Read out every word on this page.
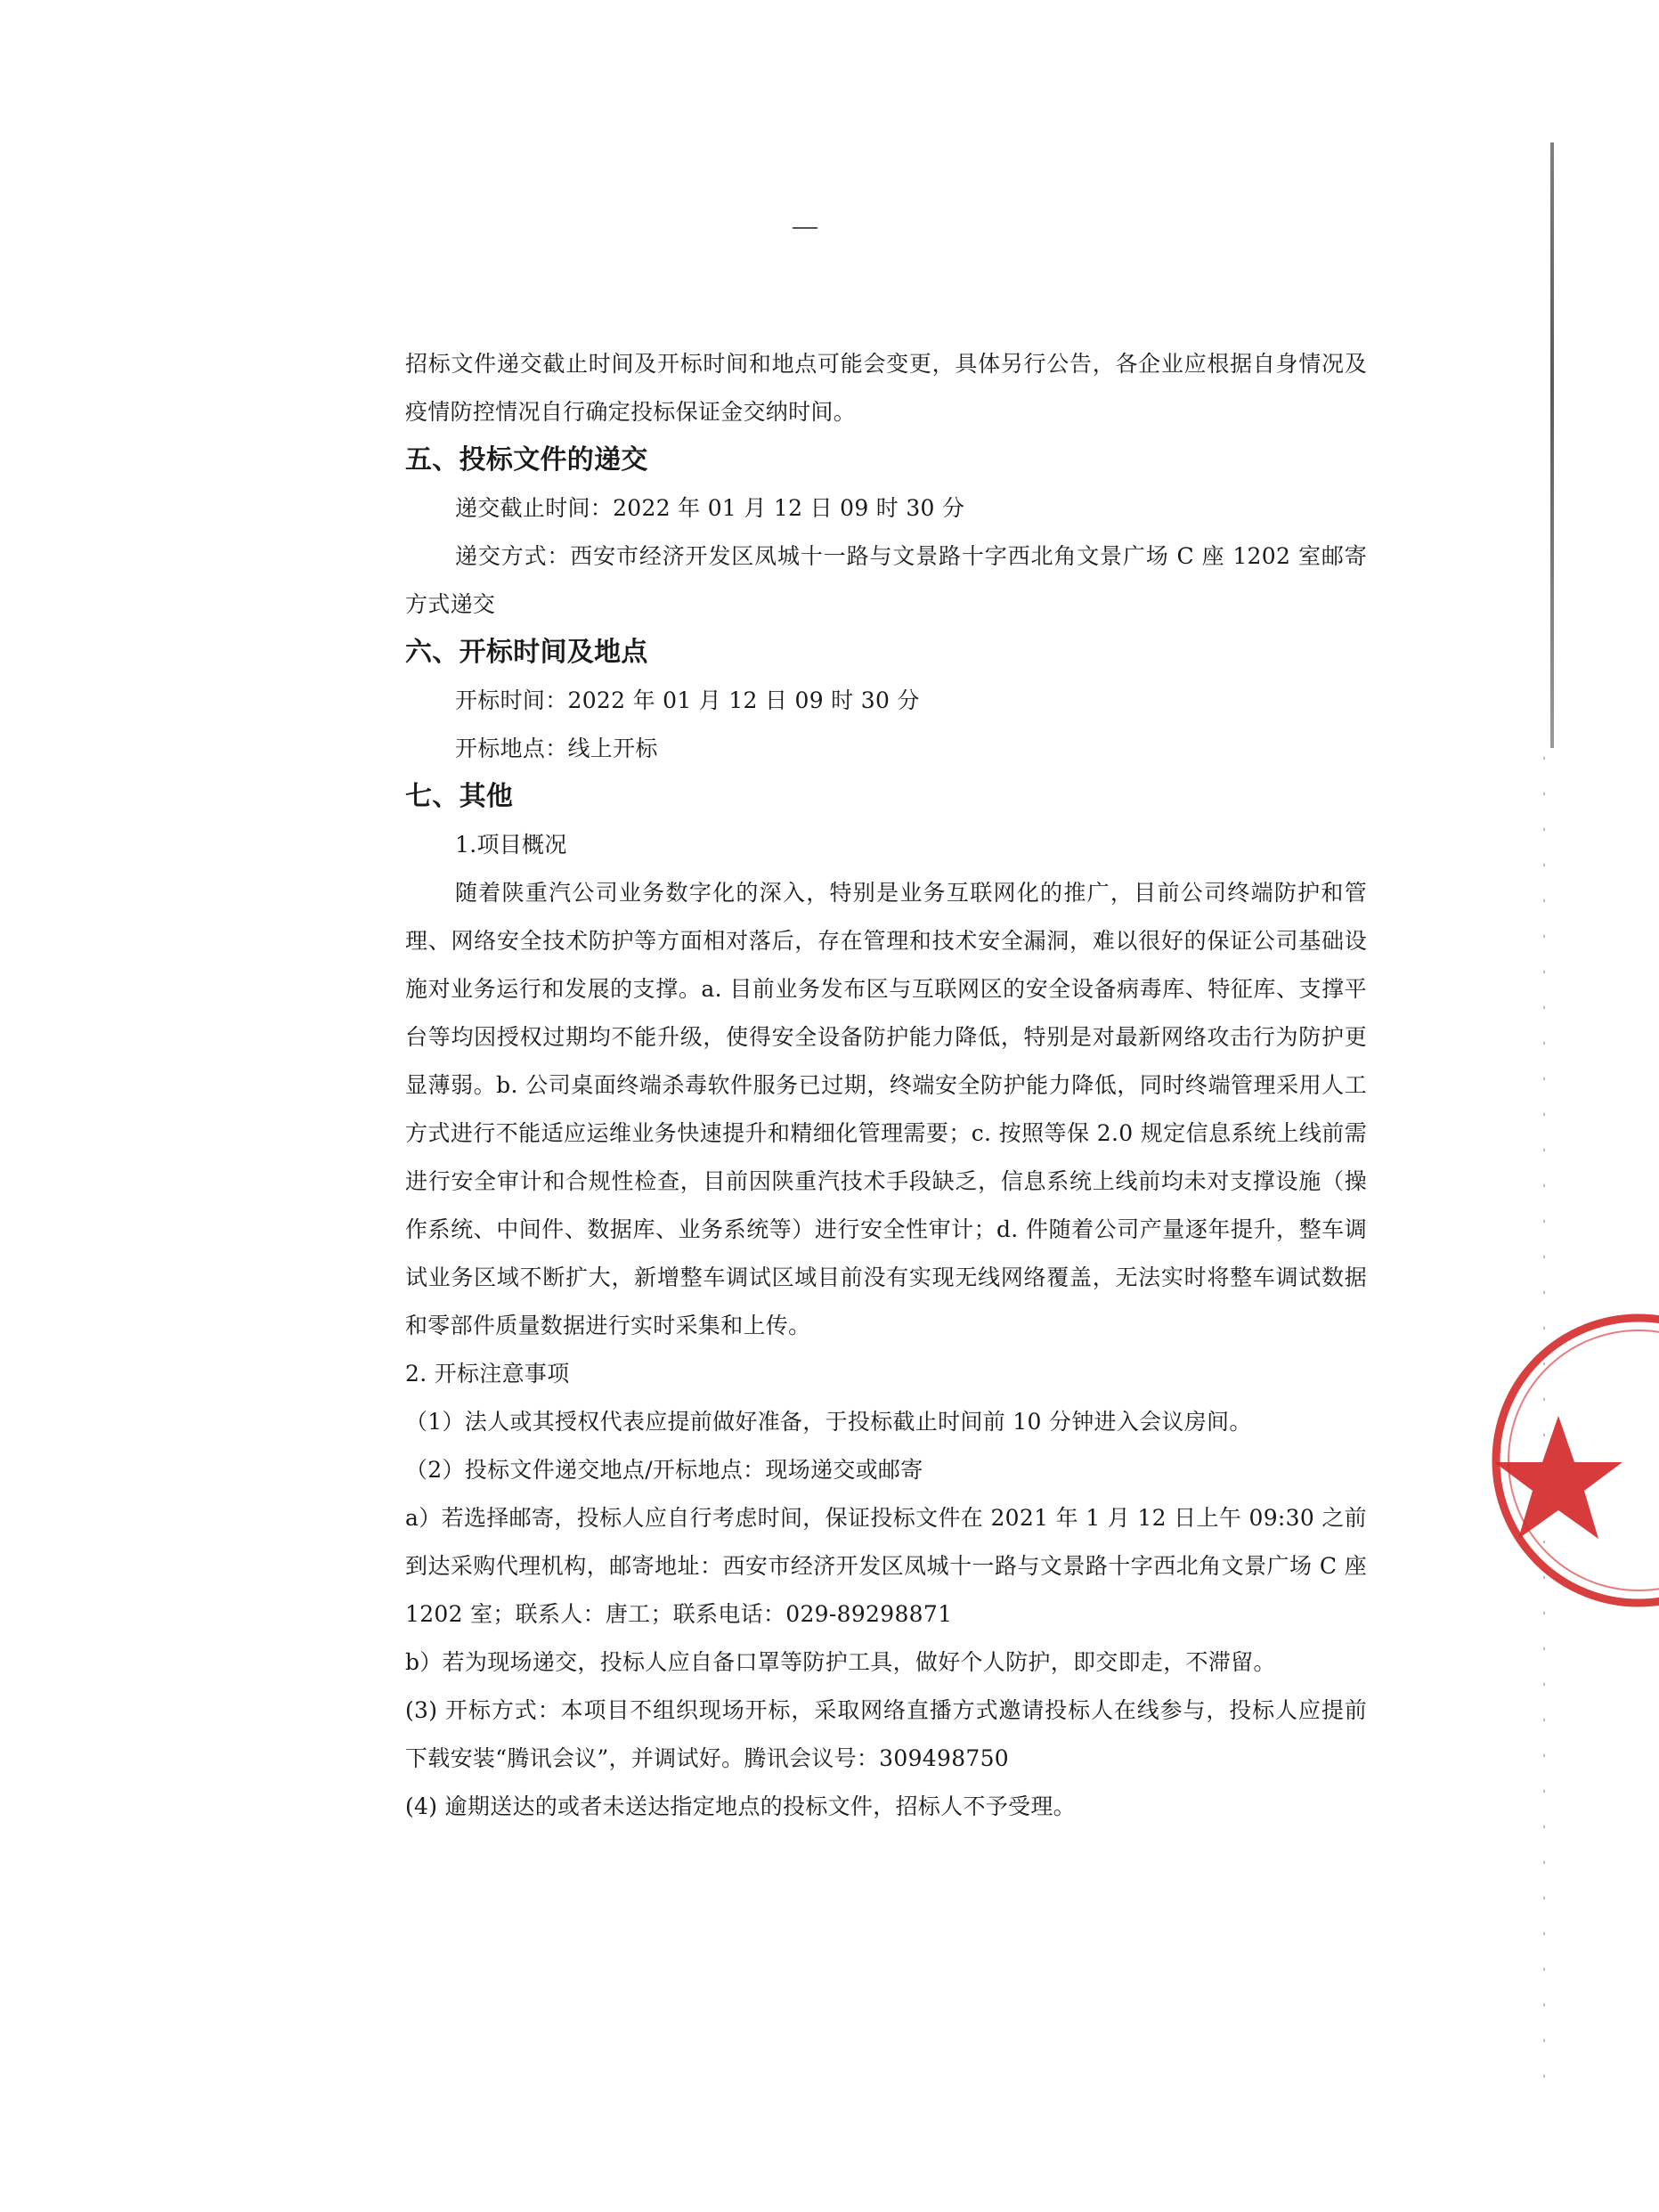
招标文件递交截止时间及开标时间和地点可能会变更，具体另行公告，各企业应根据自身情况及疫情防控情况自行确定投标保证金交纳时间。

五、投标文件的递交

递交截止时间：2022 年 01 月 12 日 09 时 30 分

递交方式：西安市经济开发区凤城十一路与文景路十字西北角文景广场 C 座 1202 室邮寄方式递交

六、开标时间及地点

开标时间：2022 年 01 月 12 日 09 时 30 分

开标地点：线上开标

七、其他

1.项目概况

随着陕重汽公司业务数字化的深入，特别是业务互联网化的推广，目前公司终端防护和管理、网络安全技术防护等方面相对落后，存在管理和技术安全漏洞，难以很好的保证公司基础设施对业务运行和发展的支撑。a. 目前业务发布区与互联网区的安全设备病毒库、特征库、支撑平台等均因授权过期均不能升级，使得安全设备防护能力降低，特别是对最新网络攻击行为防护更显薄弱。b. 公司桌面终端杀毒软件服务已过期，终端安全防护能力降低，同时终端管理采用人工方式进行不能适应运维业务快速提升和精细化管理需要；c. 按照等保 2.0 规定信息系统上线前需进行安全审计和合规性检查，目前因陕重汽技术手段缺乏，信息系统上线前均未对支撑设施（操作系统、中间件、数据库、业务系统等）进行安全性审计；d. 件随着公司产量逐年提升，整车调试业务区域不断扩大，新增整车调试区域目前没有实现无线网络覆盖，无法实时将整车调试数据和零部件质量数据进行实时采集和上传。

2. 开标注意事项

（1）法人或其授权代表应提前做好准备，于投标截止时间前 10 分钟进入会议房间。

（2）投标文件递交地点/开标地点：现场递交或邮寄

a）若选择邮寄，投标人应自行考虑时间，保证投标文件在 2021 年 1 月 12 日上午 09:30 之前到达采购代理机构，邮寄地址：西安市经济开发区凤城十一路与文景路十字西北角文景广场 C 座 1202 室；联系人：唐工；联系电话：029-89298871

b）若为现场递交，投标人应自备口罩等防护工具，做好个人防护，即交即走，不滞留。

(3) 开标方式：本项目不组织现场开标，采取网络直播方式邀请投标人在线参与，投标人应提前下载安装“腾讯会议”，并调试好。腾讯会议号：309498750

(4) 逾期送达的或者未送达指定地点的投标文件，招标人不予受理。
